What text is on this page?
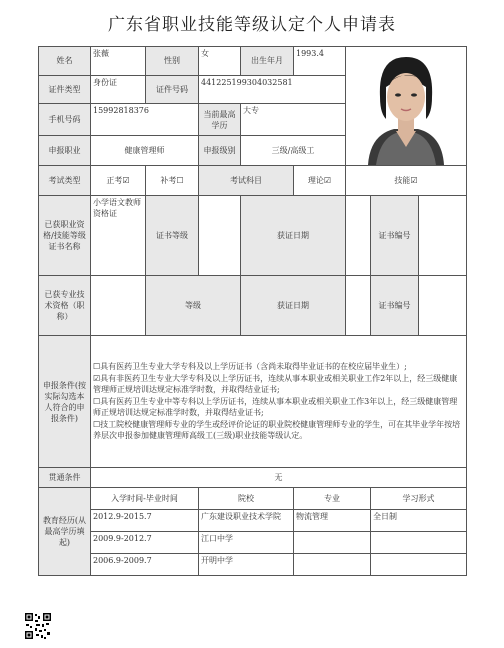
广东省职业技能等级认定个人申请表
姓名	张薇	性别	女	出生年月	1993.4	

证件类型	身份证	证件号码	441225199304032581					
手机号码	15992818376		当前最高学历	大专				
申报职业	健康管理师		申报级别	三级/高级工				
考试类型	正考☑	补考☐	考试科目		理论☑	技能☑		
已获职业资格/技能等级证书名称	小学语文教师资格证	证书等级		获证日期			证书编号	
已获专业技术资格（职称）		等级		获证日期			证书编号	
申报条件(按实际勾选本人符合的申报条件)	☐具有医药卫生专业大学专科及以上学历证书（含尚未取得毕业证书的在校应届毕业生）;

☑具有非医药卫生专业大学专科及以上学历证书，连续从事本职业或相关职业工作2年以上，经三级健康管理师正规培训达规定标准学时数，并取得结业证书;

☐具有医药卫生专业中等专科以上学历证书，连续从事本职业或相关职业工作3年以上，经三级健康管理师正规培训达规定标准学时数，并取得结业证书;

☐技工院校健康管理师专业的学生或经评价论证的职业院校健康管理师专业的学生，可在其毕业学年按培养层次申报参加健康管理师高级工(三级)职业技能等级认定。							

贯通条件	无							
教育经历(从最高学历填起)	入学时间-毕业时间		院校		专业		学习形式	
	2012.9-2015.7		广东建设职业技术学院		物流管理		全日制	
	2009.9-2012.7		江口中学					
	2006.9-2009.7		开明中学					
